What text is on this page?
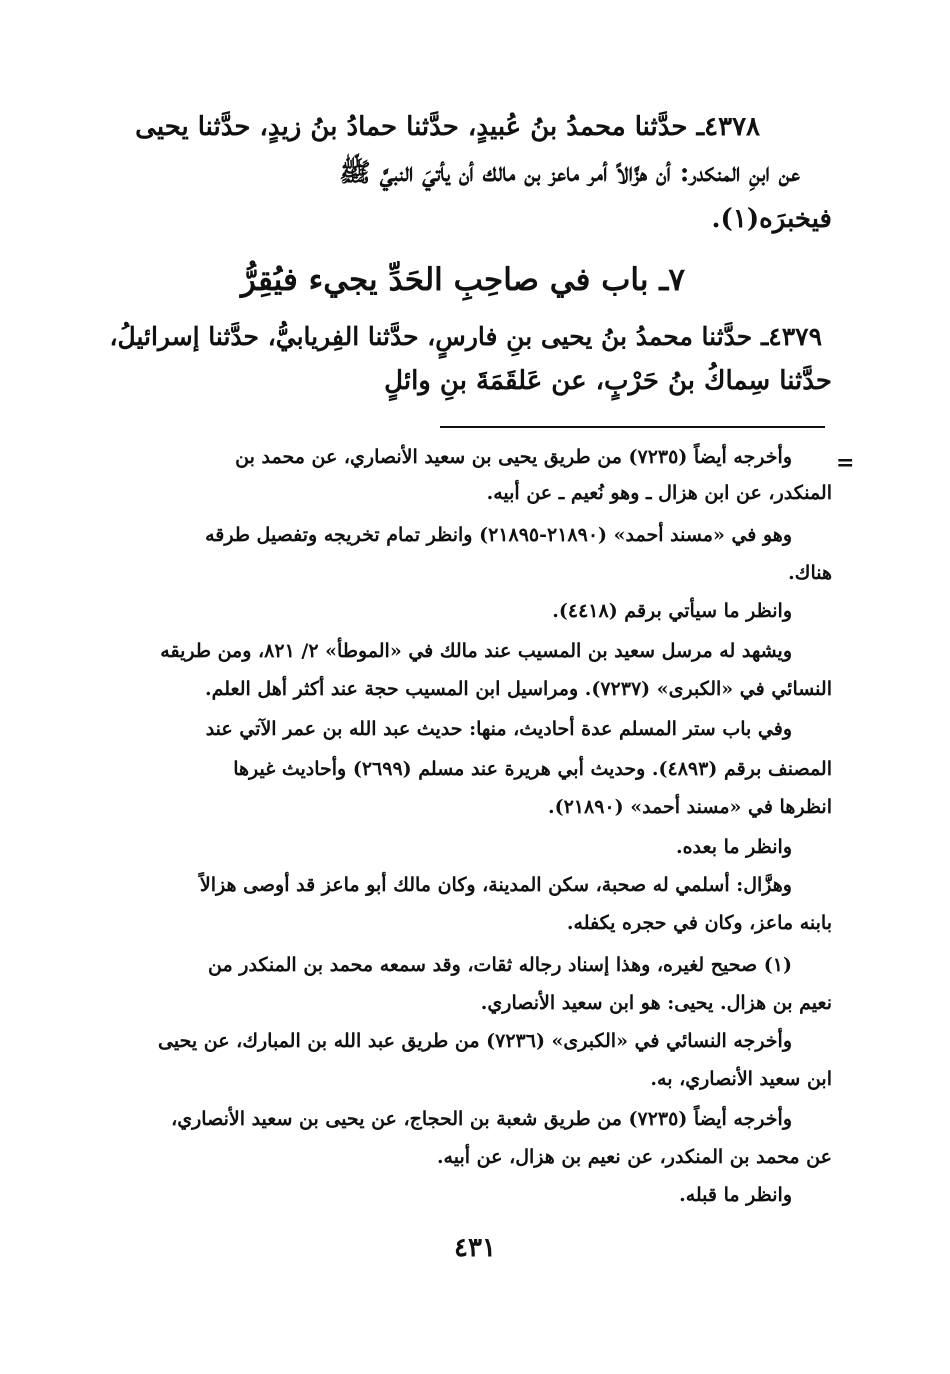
٤٣٧٨ـ حدَّثنا محمدُ بنُ عُبيدٍ، حدَّثنا حمادُ بنُ زيدٍ، حدَّثنا يحيى
عن ابنِ المنكدر: أن هزَّالاً أمر ماعز بن مالك أن يأتيَ النبيَّ ﷺ
فيخبرَه(١).
٧ـ باب في صاحِبِ الحَدِّ يجيء فيُقِرُّ
٤٣٧٩ـ حدَّثنا محمدُ بنُ يحيى بنِ فارسٍ، حدَّثنا الفِريابيُّ، حدَّثنا إسرائيلُ،
حدَّثنا سِماكُ بنُ حَرْبٍ، عن عَلقَمَةَ بنِ وائلٍ
=
وأخرجه أيضاً (٧٢٣٥) من طريق يحيى بن سعيد الأنصاري، عن محمد بن
المنكدر، عن ابن هزال ـ وهو نُعيم ـ عن أبيه.
وهو في «مسند أحمد» (٢١٨٩٠-٢١٨٩٥) وانظر تمام تخريجه وتفصيل طرقه
هناك.
وانظر ما سيأتي برقم (٤٤١٨).
ويشهد له مرسل سعيد بن المسيب عند مالك في «الموطأ» ٢/ ٨٢١، ومن طريقه
النسائي في «الكبرى» (٧٢٣٧). ومراسيل ابن المسيب حجة عند أكثر أهل العلم.
وفي باب ستر المسلم عدة أحاديث، منها: حديث عبد الله بن عمر الآتي عند
المصنف برقم (٤٨٩٣). وحديث أبي هريرة عند مسلم (٢٦٩٩) وأحاديث غيرها
انظرها في «مسند أحمد» (٢١٨٩٠).
وانظر ما بعده.
وهزَّال: أسلمي له صحبة، سكن المدينة، وكان مالك أبو ماعز قد أوصى هزالاً
بابنه ماعز، وكان في حجره يكفله.
(١) صحيح لغيره، وهذا إسناد رجاله ثقات، وقد سمعه محمد بن المنكدر من
نعيم بن هزال. يحيى: هو ابن سعيد الأنصاري.
وأخرجه النسائي في «الكبرى» (٧٢٣٦) من طريق عبد الله بن المبارك، عن يحيى
ابن سعيد الأنصاري، به.
وأخرجه أيضاً (٧٢٣٥) من طريق شعبة بن الحجاج، عن يحيى بن سعيد الأنصاري،
عن محمد بن المنكدر، عن نعيم بن هزال، عن أبيه.
وانظر ما قبله.
٤٣١
